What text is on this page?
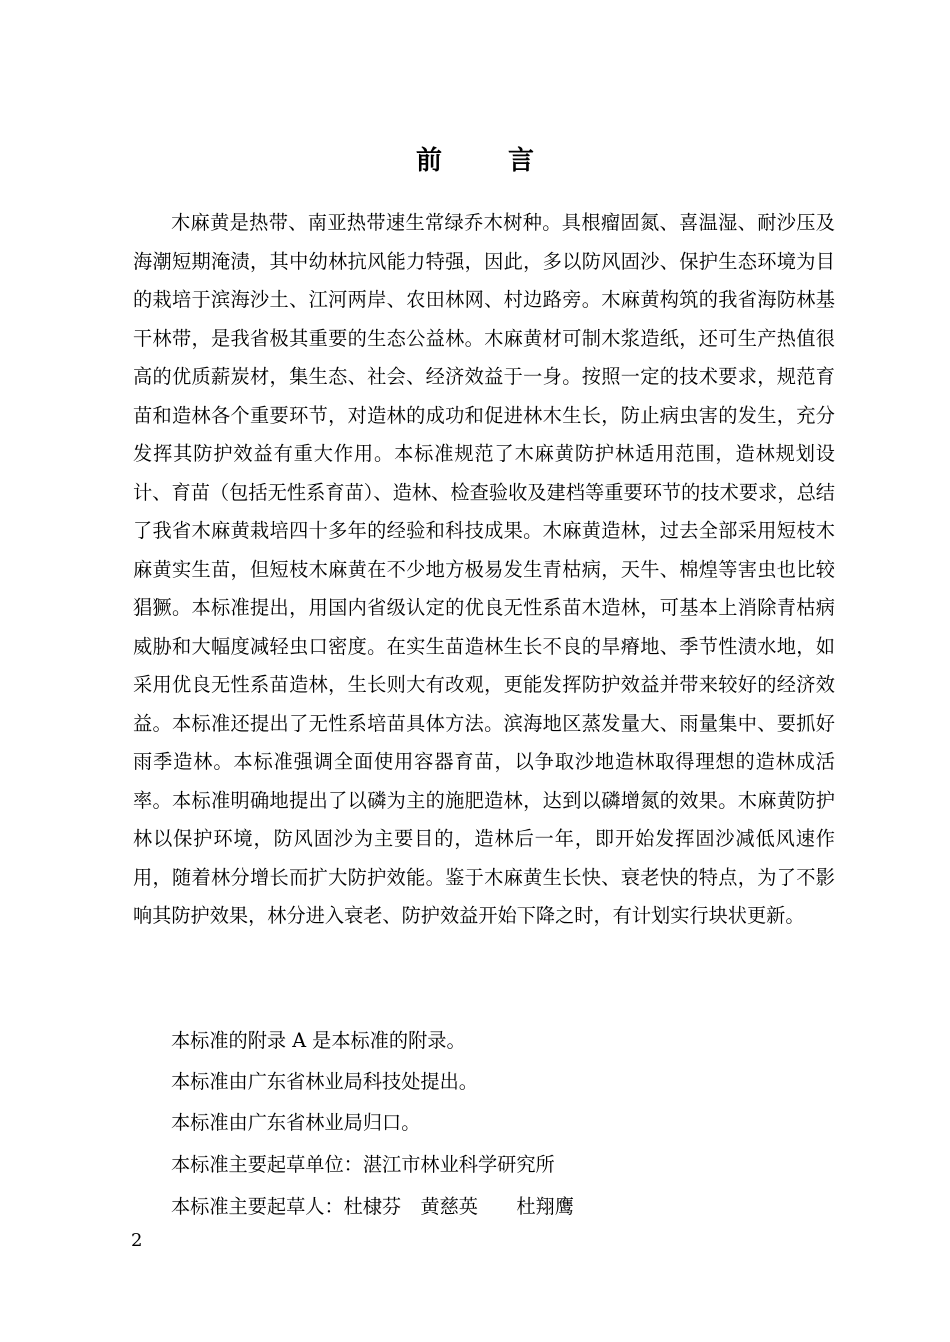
前	言

木麻黄是热带、南亚热带速生常绿乔木树种。具根瘤固氮、喜温湿、耐沙压及海潮短期淹渍，其中幼林抗风能力特强，因此，多以防风固沙、保护生态环境为目的栽培于滨海沙土、江河两岸、农田林网、村边路旁。木麻黄构筑的我省海防林基干林带，是我省极其重要的生态公益林。木麻黄材可制木浆造纸，还可生产热值很高的优质薪炭材，集生态、社会、经济效益于一身。按照一定的技术要求，规范育苗和造林各个重要环节，对造林的成功和促进林木生长，防止病虫害的发生，充分发挥其防护效益有重大作用。本标准规范了木麻黄防护林适用范围，造林规划设计、育苗（包括无性系育苗）、造林、检查验收及建档等重要环节的技术要求，总结了我省木麻黄栽培四十多年的经验和科技成果。木麻黄造林，过去全部采用短枝木麻黄实生苗，但短枝木麻黄在不少地方极易发生青枯病，天牛、棉煌等害虫也比较猖獗。本标准提出，用国内省级认定的优良无性系苗木造林，可基本上消除青枯病威胁和大幅度减轻虫口密度。在实生苗造林生长不良的旱瘠地、季节性渍水地，如采用优良无性系苗造林，生长则大有改观，更能发挥防护效益并带来较好的经济效益。本标准还提出了无性系培苗具体方法。滨海地区蒸发量大、雨量集中、要抓好雨季造林。本标准强调全面使用容器育苗，以争取沙地造林取得理想的造林成活率。本标准明确地提出了以磷为主的施肥造林，达到以磷增氮的效果。木麻黄防护林以保护环境，防风固沙为主要目的，造林后一年，即开始发挥固沙减低风速作用，随着林分增长而扩大防护效能。鉴于木麻黄生长快、衰老快的特点，为了不影响其防护效果，林分进入衰老、防护效益开始下降之时，有计划实行块状更新。

本标准的附录 A 是本标准的附录。

本标准由广东省林业局科技处提出。

本标准由广东省林业局归口。

本标准主要起草单位：湛江市林业科学研究所

本标准主要起草人：杜棣芬　黄慈英　　杜翔鹰

2
